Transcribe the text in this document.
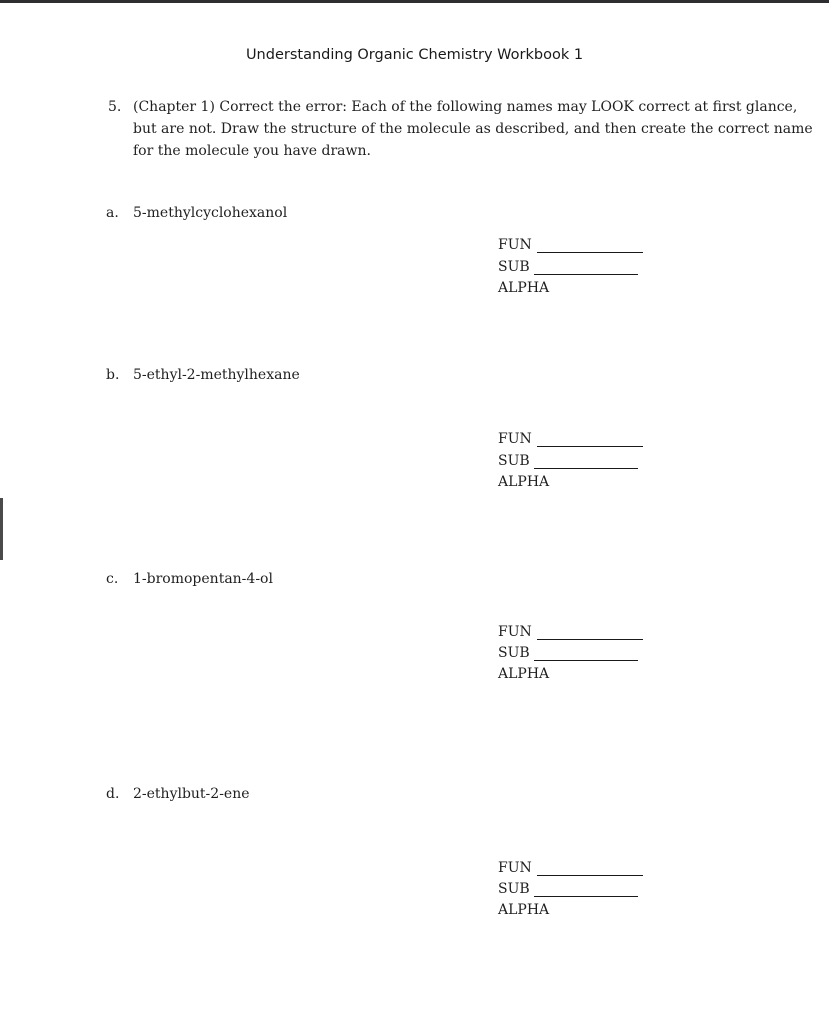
Understanding Organic Chemistry Workbook 1
5. (Chapter 1) Correct the error: Each of the following names may LOOK correct at first glance,
but are not. Draw the structure of the molecule as described, and then create the correct name
for the molecule you have drawn.
a. 5-methylcyclohexanol
FUN
SUB
ALPHA
b. 5-ethyl-2-methylhexane
FUN
SUB
ALPHA
c. 1-bromopentan-4-ol
FUN
SUB
ALPHA
d. 2-ethylbut-2-ene
FUN
SUB
ALPHA
